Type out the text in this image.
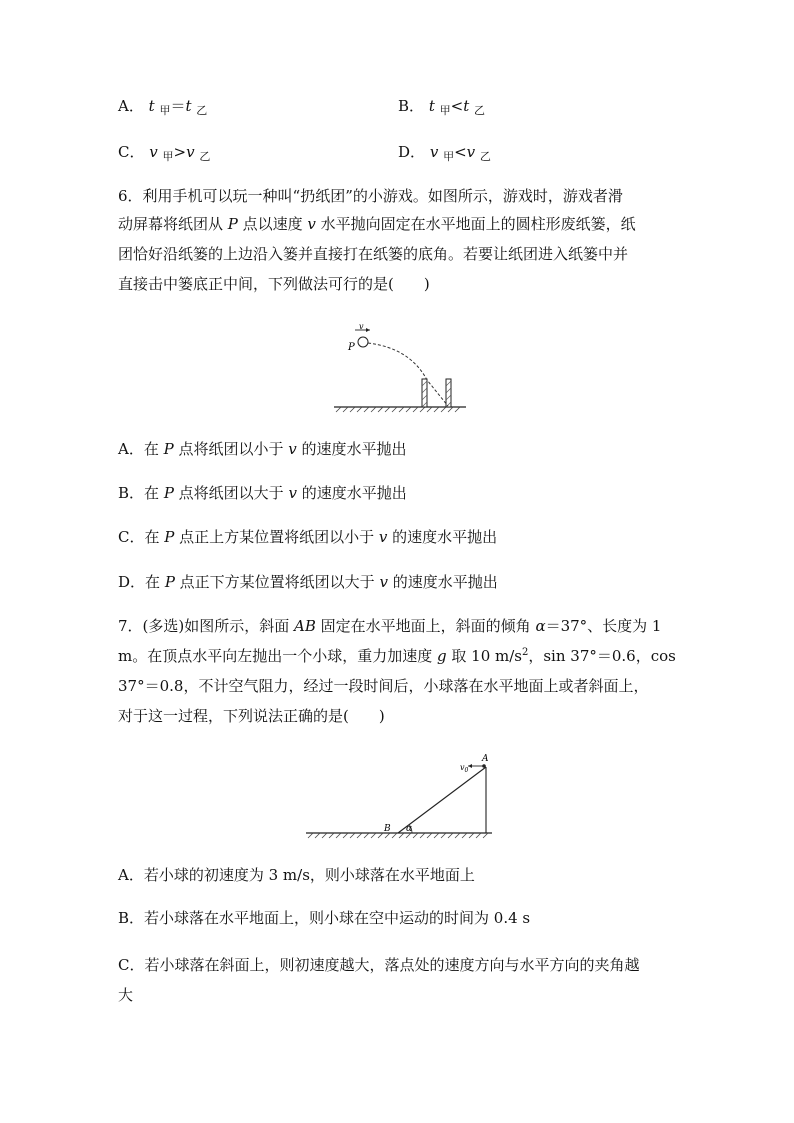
A． t $_甲$＝t $_乙$	B． t $_甲$<t $_乙$
C． v $_甲$>v $_乙$	D． v $_甲$<v $_乙$
6．利用手机可以玩一种叫“扔纸团”的小游戏。如图所示，游戏时，游戏者滑
动屏幕将纸团从 P 点以速度 v 水平抛向固定在水平地面上的圆柱形废纸篓，纸
团恰好沿纸篓的上边沿入篓并直接打在纸篓的底角。若要让纸团进入纸篓中并
直接击中篓底正中间，下列做法可行的是(　　)
v
P
A．在 P 点将纸团以小于 v 的速度水平抛出
B．在 P 点将纸团以大于 v 的速度水平抛出
C．在 P 点正上方某位置将纸团以小于 v 的速度水平抛出
D．在 P 点正下方某位置将纸团以大于 v 的速度水平抛出
7．(多选)如图所示，斜面 AB 固定在水平地面上，斜面的倾角 α＝37°、长度为 1
m。在顶点水平向左抛出一个小球，重力加速度 g 取 10 $m/s^2$，sin 37°＝0.6，cos
37°＝0.8，不计空气阻力，经过一段时间后，小球落在水平地面上或者斜面上，
对于这一过程，下列说法正确的是(　　)
$v_0$
A
B α
A．若小球的初速度为 3 m/s，则小球落在水平地面上
B．若小球落在水平地面上，则小球在空中运动的时间为 0.4 s
C．若小球落在斜面上，则初速度越大，落点处的速度方向与水平方向的夹角越
大
